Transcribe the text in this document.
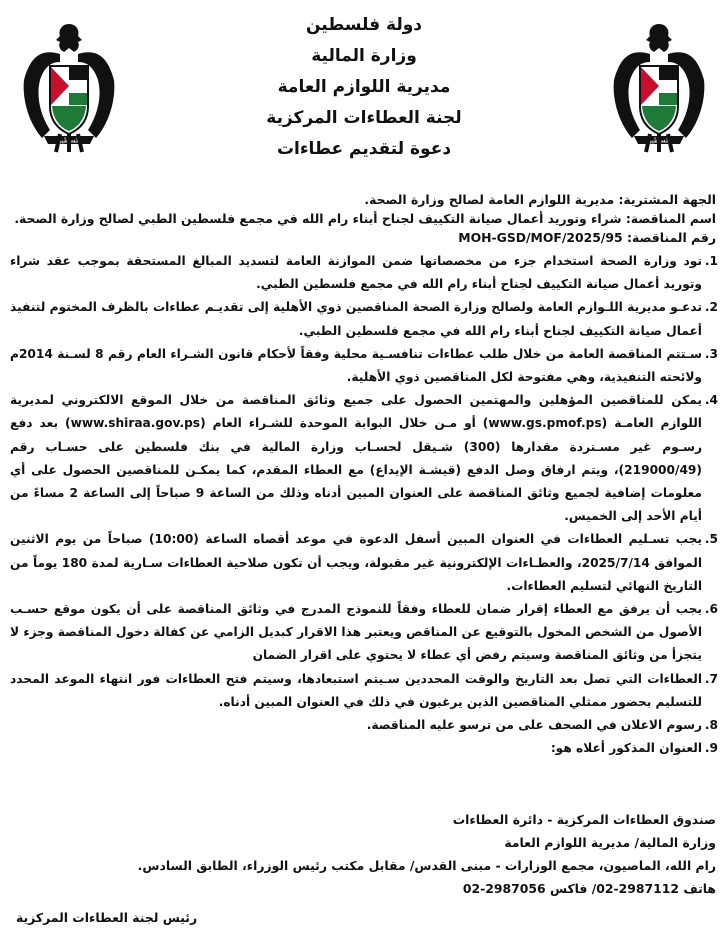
دولة فلسطين
وزارة المالية
مديرية اللوازم العامة
لجنة العطاءات المركزية
دعوة لتقديم عطاءات
الجهة المشترية: مديرية اللوازم العامة لصالح وزارة الصحة.
اسم المناقصة: شراء وتوريد أعمال صيانة التكييف لجناح أبناء رام الله في مجمع فلسطين الطبي لصالح وزارة الصحة.
رقم المناقصة: MOH-GSD/MOF/2025/95
1.
تود وزارة الصحة استخدام جزء من مخصصاتها ضمن الموازنة العامة لتسديد المبالغ المستحقة بموجب عقد شراء وتوريد أعمال صيانة التكييف لجناح أبناء رام الله في مجمع فلسطين الطبي.
2.
تدعـو مديرية اللـوازم العامة ولصالح وزارة الصحة المناقصين ذوي الأهلية إلى تقديـم عطاءات بالظرف المختوم لتنفيذ أعمال صيانة التكييف لجناح أبناء رام الله في مجمع فلسطين الطبي.
3.
سـتتم المناقصة العامة من خلال طلب عطاءات تنافسـية محلية وفقاً لأحكام قانون الشـراء العام رقم 8 لسـنة 2014م ولائحته التنفيذية، وهي مفتوحة لكل المناقصين ذوي الأهلية.
4.
يمكن للمناقصين المؤهلين والمهتمين الحصول على جميع وثائق المناقصة من خلال الموقع الالكتروني لمديرية اللوازم العامـة (www.gs.pmof.ps) أو مـن خلال البوابة الموحدة للشـراء العام (www.shiraa.gov.ps) بعد دفع رسـوم غير مسـتردة مقدارها (300) شـيقل لحسـاب وزارة المالية في بنك فلسطين على حسـاب رقم (219000/49)، ويتم ارفاق وصل الدفع (قيشـة الإيداع) مع العطاء المقدم، كما يمكـن للمناقصين الحصول على أي معلومات إضافية لجميع وثائق المناقصة على العنوان المبين أدناه وذلك من الساعة 9 صباحاً إلى الساعة 2 مساءً من أيام الأحد إلى الخميس.
5.
يجب تسـليم العطاءات في العنوان المبين أسفل الدعوة في موعد أقصاه الساعة (10:00) صباحاً من يوم الاثنين الموافق 2025/7/14، والعطـاءات الإلكترونية غير مقبولة، ويجب أن تكون صلاحية العطاءات سـارية لمدة 180 يوماً من التاريخ النهائي لتسليم العطاءات.
6.
يجب أن يرفق مع العطاء إقرار ضمان للعطاء وفقاً للنموذج المدرج في وثائق المناقصة على أن يكون موقع حسـب الأصول من الشخص المخول بالتوقيع عن المناقص ويعتبر هذا الاقرار كبديل الزامي عن كفالة دخول المناقصة وجزء لا يتجزأ من وثائق المناقصة وسيتم رفض أي عطاء لا يحتوي على اقرار الضمان
7.
العطاءات التي تصل بعد التاريخ والوقت المحددين سـيتم استبعادها، وسيتم فتح العطاءات فور انتهاء الموعد المحدد للتسليم بحضور ممثلي المناقصين الذين يرغبون في ذلك في العنوان المبين أدناه.
8.
رسوم الاعلان في الصحف على من ترسو عليه المناقصة.
9.
العنوان المذكور أعلاه هو:
صندوق العطاءات المركزية - دائرة العطاءات
وزارة المالية/ مديرية اللوازم العامة
رام الله، الماصيون، مجمع الوزارات - مبنى القدس/ مقابل مكتب رئيس الوزراء، الطابق السادس.
هاتف 2987112-02/ فاكس 2987056-02
رئيس لجنة العطاءات المركزية
